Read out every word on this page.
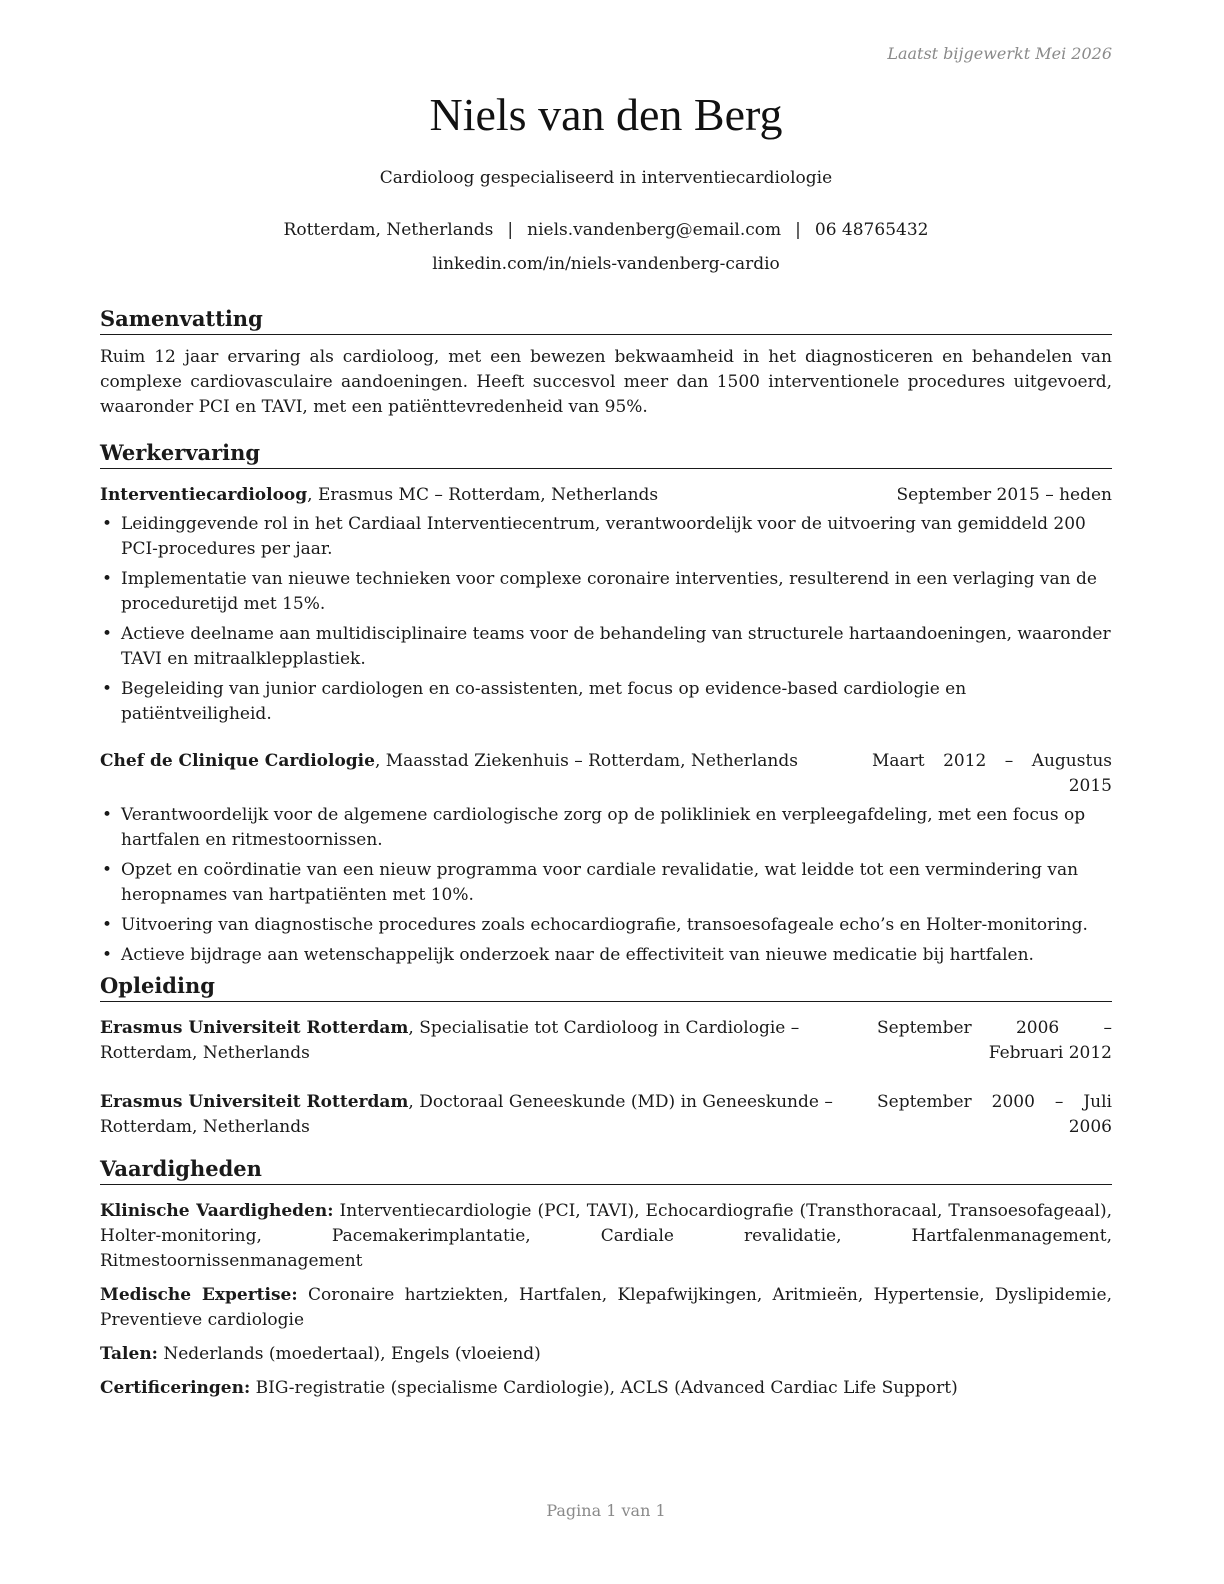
Laatst bijgewerkt Mei 2026
Niels van den Berg
Cardioloog gespecialiseerd in interventiecardiologie
Rotterdam, Netherlands | niels.vandenberg@email.com | 06 48765432
linkedin.com/in/niels-vandenberg-cardio
Samenvatting

Ruim 12 jaar ervaring als cardioloog, met een bewezen bekwaamheid in het diagnosticeren en behandelen van complexe cardiovasculaire aandoeningen. Heeft succesvol meer dan 1500 interventionele procedures uitgevoerd, waaronder PCI en TAVI, met een patiënttevredenheid van 95%.

Werkervaring
Interventiecardioloog, Erasmus MC – Rotterdam, Netherlands	September 2015 – heden
• Leidinggevende rol in het Cardiaal Interventiecentrum, verantwoordelijk voor de uitvoering van gemiddeld 200 PCI-procedures per jaar.
• Implementatie van nieuwe technieken voor complexe coronaire interventies, resulterend in een verlaging van de proceduretijd met 15%.
• Actieve deelname aan multidisciplinaire teams voor de behandeling van structurele hartaandoeningen, waaronder TAVI en mitraalklepplastiek.
• Begeleiding van junior cardiologen en co-assistenten, met focus op evidence-based cardiologie en patiëntveiligheid.
Chef de Clinique Cardiologie, Maasstad Ziekenhuis – Rotterdam, Netherlands	Maart 2012 – Augustus 2015
• Verantwoordelijk voor de algemene cardiologische zorg op de polikliniek en verpleegafdeling, met een focus op hartfalen en ritmestoornissen.
• Opzet en coördinatie van een nieuw programma voor cardiale revalidatie, wat leidde tot een vermindering van heropnames van hartpatiënten met 10%.
• Uitvoering van diagnostische procedures zoals echocardiografie, transoesofageale echo’s en Holter-monitoring.
• Actieve bijdrage aan wetenschappelijk onderzoek naar de effectiviteit van nieuwe medicatie bij hartfalen.
Opleiding
Erasmus Universiteit Rotterdam, Specialisatie tot Cardioloog in Cardiologie – Rotterdam, Netherlands
September 2006 – Februari 2012
Erasmus Universiteit Rotterdam, Doctoraal Geneeskunde (MD) in Geneeskunde – Rotterdam, Netherlands
September 2000 – Juli 2006
Vaardigheden

Klinische Vaardigheden: Interventiecardiologie (PCI, TAVI), Echocardiografie (Transthoracaal, Transoesofageaal), Holter-monitoring, Pacemakerimplantatie, Cardiale revalidatie, Hartfalenmanagement, Ritmestoornissenmanagement

Medische Expertise: Coronaire hartziekten, Hartfalen, Klepafwijkingen, Aritmieën, Hypertensie, Dyslipidemie, Preventieve cardiologie

Talen: Nederlands (moedertaal), Engels (vloeiend)

Certificeringen: BIG-registratie (specialisme Cardiologie), ACLS (Advanced Cardiac Life Support)

Pagina 1 van 1
